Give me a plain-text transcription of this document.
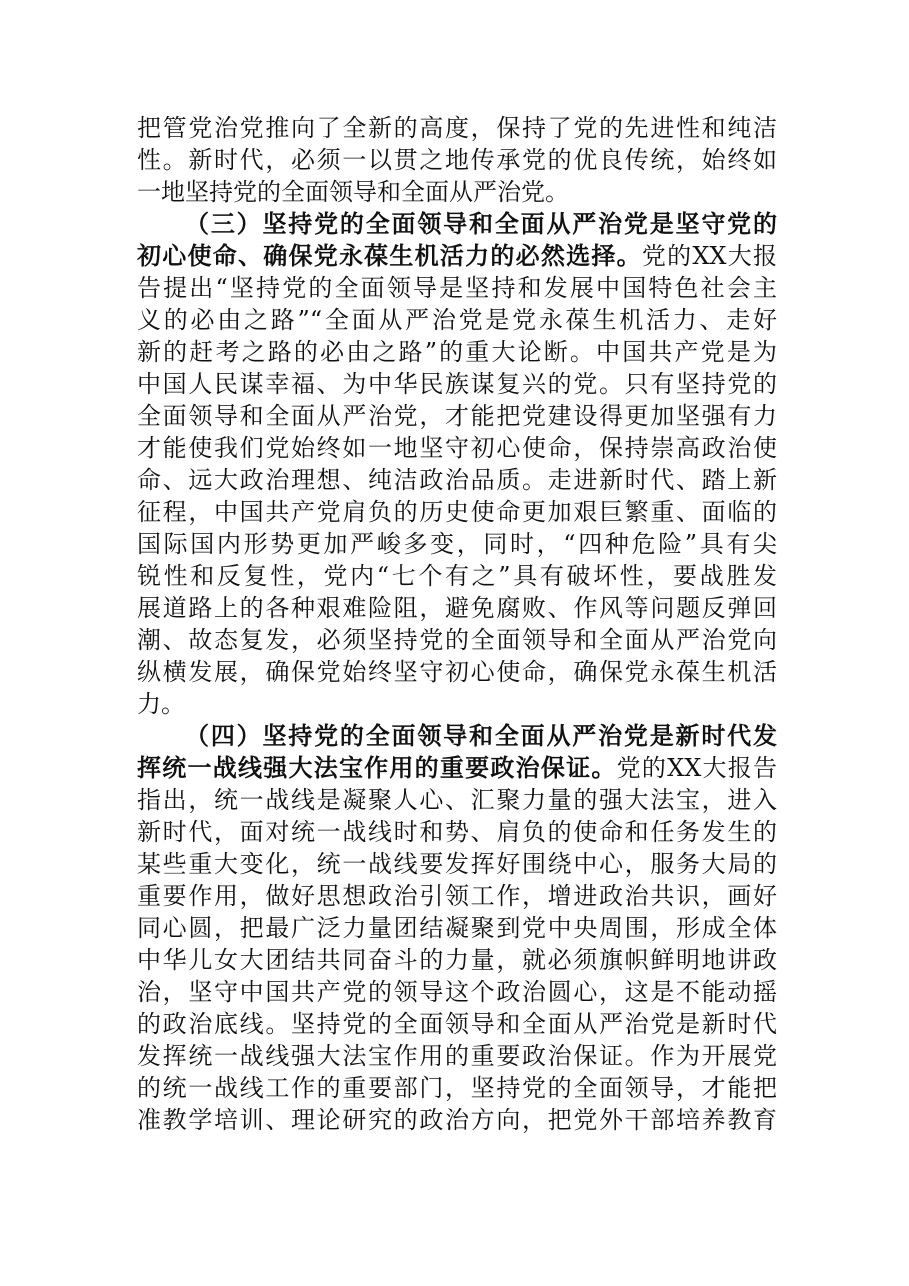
把管党治党推向了全新的高度，保持了党的先进性和纯洁
性。新时代，必须一以贯之地传承党的优良传统，始终如
一地坚持党的全面领导和全面从严治党。
（三）坚持党的全面领导和全面从严治党是坚守党的
初心使命、确保党永葆生机活力的必然选择。党的XX大报
告提出“坚持党的全面领导是坚持和发展中国特色社会主
义的必由之路”“全面从严治党是党永葆生机活力、走好
新的赶考之路的必由之路”的重大论断。中国共产党是为
中国人民谋幸福、为中华民族谋复兴的党。只有坚持党的
全面领导和全面从严治党，才能把党建设得更加坚强有力
才能使我们党始终如一地坚守初心使命，保持崇高政治使
命、远大政治理想、纯洁政治品质。走进新时代、踏上新
征程，中国共产党肩负的历史使命更加艰巨繁重、面临的
国际国内形势更加严峻多变，同时，“四种危险”具有尖
锐性和反复性，党内“七个有之”具有破坏性，要战胜发
展道路上的各种艰难险阻，避免腐败、作风等问题反弹回
潮、故态复发，必须坚持党的全面领导和全面从严治党向
纵横发展，确保党始终坚守初心使命，确保党永葆生机活
力。
（四）坚持党的全面领导和全面从严治党是新时代发
挥统一战线强大法宝作用的重要政治保证。党的XX大报告
指出，统一战线是凝聚人心、汇聚力量的强大法宝，进入
新时代，面对统一战线时和势、肩负的使命和任务发生的
某些重大变化，统一战线要发挥好围绕中心，服务大局的
重要作用，做好思想政治引领工作，增进政治共识，画好
同心圆，把最广泛力量团结凝聚到党中央周围，形成全体
中华儿女大团结共同奋斗的力量，就必须旗帜鲜明地讲政
治，坚守中国共产党的领导这个政治圆心，这是不能动摇
的政治底线。坚持党的全面领导和全面从严治党是新时代
发挥统一战线强大法宝作用的重要政治保证。作为开展党
的统一战线工作的重要部门，坚持党的全面领导，才能把
准教学培训、理论研究的政治方向，把党外干部培养教育
